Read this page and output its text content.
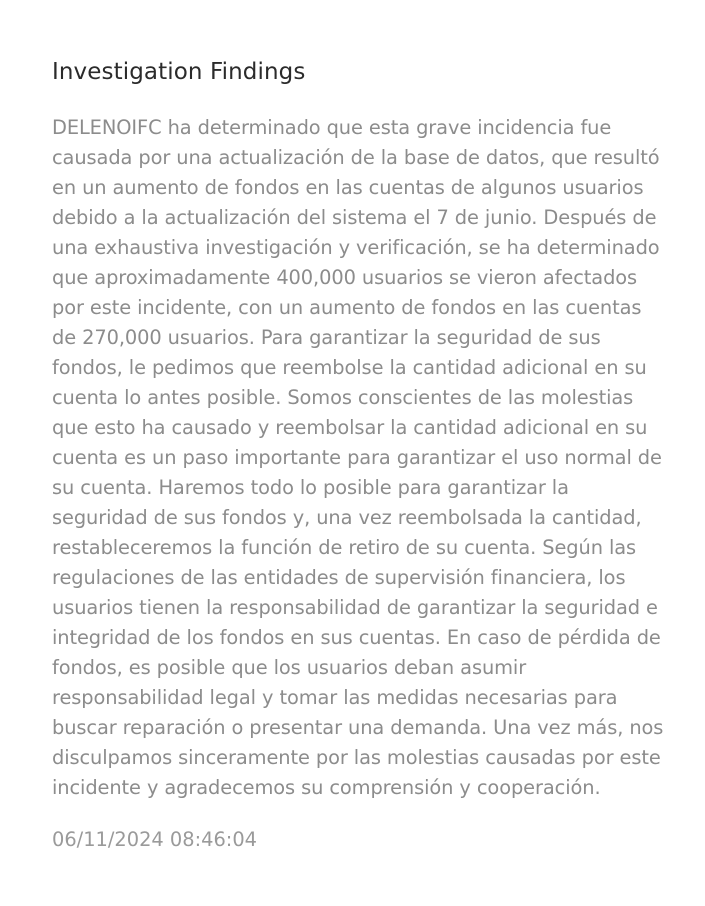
Investigation Findings

DELENOIFC ha determinado que esta grave incidencia fue causada por una actualización de la base de datos, que resultó en un aumento de fondos en las cuentas de algunos usuarios debido a la actualización del sistema el 7 de junio. Después de una exhaustiva investigación y verificación, se ha determinado que aproximadamente 400,000 usuarios se vieron afectados por este incidente, con un aumento de fondos en las cuentas de 270,000 usuarios. Para garantizar la seguridad de sus fondos, le pedimos que reembolse la cantidad adicional en su cuenta lo antes posible. Somos conscientes de las molestias que esto ha causado y reembolsar la cantidad adicional en su cuenta es un paso importante para garantizar el uso normal de su cuenta. Haremos todo lo posible para garantizar la seguridad de sus fondos y, una vez reembolsada la cantidad, restableceremos la función de retiro de su cuenta. Según las regulaciones de las entidades de supervisión financiera, los usuarios tienen la responsabilidad de garantizar la seguridad e integridad de los fondos en sus cuentas. En caso de pérdida de fondos, es posible que los usuarios deban asumir responsabilidad legal y tomar las medidas necesarias para buscar reparación o presentar una demanda. Una vez más, nos disculpamos sinceramente por las molestias causadas por este incidente y agradecemos su comprensión y cooperación.

06/11/2024 08:46:04
